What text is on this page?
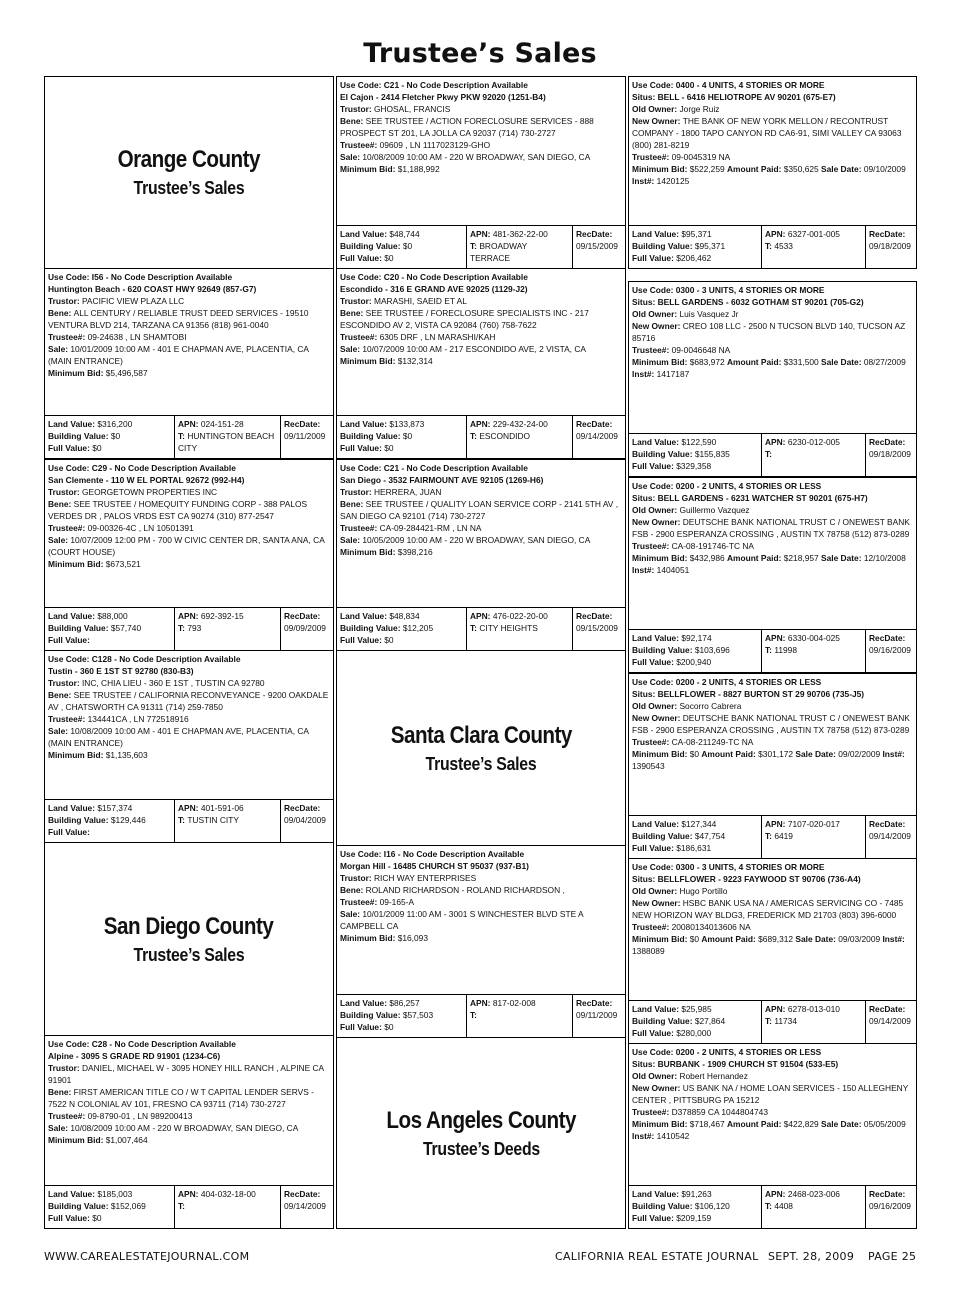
Trustee’s Sales
Orange County
Trustee’s Sales
Use Code: I56 - No Code Description Available
Huntington Beach - 620 COAST HWY 92649 (857-G7)
Trustor: PACIFIC VIEW PLAZA LLC
Bene: ALL CENTURY / RELIABLE TRUST DEED SERVICES - 19510 VENTURA BLVD 214, TARZANA CA 91356 (818) 961-0040
Trustee#: 09-24638 , LN SHAMTOBI
Sale: 10/01/2009 10:00 AM - 401 E CHAPMAN AVE, PLACENTIA, CA (MAIN ENTRANCE)
Minimum Bid: $5,496,587
Land Value: $316,200
Building Value: $0
Full Value: $0
APN: 024-151-28
T: HUNTINGTON BEACH CITY
RecDate:
09/11/2009
Use Code: C29 - No Code Description Available
San Clemente - 110 W EL PORTAL 92672 (992-H4)
Trustor: GEORGETOWN PROPERTIES INC
Bene: SEE TRUSTEE / HOMEQUITY FUNDING CORP - 388 PALOS VERDES DR , PALOS VRDS EST CA 90274 (310) 877-2547
Trustee#: 09-00326-4C , LN 10501391
Sale: 10/07/2009 12:00 PM - 700 W CIVIC CENTER DR, SANTA ANA, CA (COURT HOUSE)
Minimum Bid: $673,521
Land Value: $88,000
Building Value: $57,740
Full Value:
APN: 692-392-15
T: 793
RecDate:
09/09/2009
Use Code: C128 - No Code Description Available
Tustin - 360 E 1ST ST 92780 (830-B3)
Trustor: INC, CHIA LIEU - 360 E 1ST , TUSTIN CA 92780
Bene: SEE TRUSTEE / CALIFORNIA RECONVEYANCE - 9200 OAKDALE AV , CHATSWORTH CA 91311 (714) 259-7850
Trustee#: 134441CA , LN 772518916
Sale: 10/08/2009 10:00 AM - 401 E CHAPMAN AVE, PLACENTIA, CA (MAIN ENTRANCE)
Minimum Bid: $1,135,603
Land Value: $157,374
Building Value: $129,446
Full Value:
APN: 401-591-06
T: TUSTIN CITY
RecDate:
09/04/2009
San Diego County
Trustee’s Sales
Use Code: C28 - No Code Description Available
Alpine - 3095 S GRADE RD 91901 (1234-C6)
Trustor: DANIEL, MICHAEL W - 3095 HONEY HILL RANCH , ALPINE CA 91901
Bene: FIRST AMERICAN TITLE CO / W T CAPITAL LENDER SERVS - 7522 N COLONIAL AV 101, FRESNO CA 93711 (714) 730-2727
Trustee#: 09-8790-01 , LN 989200413
Sale: 10/08/2009 10:00 AM - 220 W BROADWAY, SAN DIEGO, CA
Minimum Bid: $1,007,464
Land Value: $185,003
Building Value: $152,069
Full Value: $0
APN: 404-032-18-00
T:
RecDate:
09/14/2009
Use Code: C21 - No Code Description Available
El Cajon - 2414 Fletcher Pkwy PKW 92020 (1251-B4)
Trustor: GHOSAL, FRANCIS
Bene: SEE TRUSTEE / ACTION FORECLOSURE SERVICES - 888 PROSPECT ST 201, LA JOLLA CA 92037 (714) 730-2727
Trustee#: 09609 , LN 1117023129-GHO
Sale: 10/08/2009 10:00 AM - 220 W BROADWAY, SAN DIEGO, CA
Minimum Bid: $1,188,992
Land Value: $48,744
Building Value: $0
Full Value: $0
APN: 481-362-22-00
T: BROADWAY TERRACE
RecDate:
09/15/2009
Use Code: C20 - No Code Description Available
Escondido - 316 E GRAND AVE 92025 (1129-J2)
Trustor: MARASHI, SAEID ET AL
Bene: SEE TRUSTEE / FORECLOSURE SPECIALISTS INC - 217 ESCONDIDO AV 2, VISTA CA 92084 (760) 758-7622
Trustee#: 6305 DRF , LN MARASHI/KAH
Sale: 10/07/2009 10:00 AM - 217 ESCONDIDO AVE, 2 VISTA, CA
Minimum Bid: $132,314
Land Value: $133,873
Building Value: $0
Full Value: $0
APN: 229-432-24-00
T: ESCONDIDO
RecDate:
09/14/2009
Use Code: C21 - No Code Description Available
San Diego - 3532 FAIRMOUNT AVE 92105 (1269-H6)
Trustor: HERRERA, JUAN
Bene: SEE TRUSTEE / QUALITY LOAN SERVICE CORP - 2141 5TH AV , SAN DIEGO CA 92101 (714) 730-2727
Trustee#: CA-09-284421-RM , LN NA
Sale: 10/05/2009 10:00 AM - 220 W BROADWAY, SAN DIEGO, CA
Minimum Bid: $398,216
Land Value: $48,834
Building Value: $12,205
Full Value: $0
APN: 476-022-20-00
T: CITY HEIGHTS
RecDate:
09/15/2009
Santa Clara County
Trustee’s Sales
Use Code: I16 - No Code Description Available
Morgan Hill - 16485 CHURCH ST 95037 (937-B1)
Trustor: RICH WAY ENTERPRISES
Bene: ROLAND RICHARDSON - ROLAND RICHARDSON ,
Trustee#: 09-165-A
Sale: 10/01/2009 11:00 AM - 3001 S WINCHESTER BLVD STE A CAMPBELL CA
Minimum Bid: $16,093
Land Value: $86,257
Building Value: $57,503
Full Value: $0
APN: 817-02-008
T:
RecDate:
09/11/2009
Los Angeles County
Trustee’s Deeds
Use Code: 0400 - 4 UNITS, 4 STORIES OR MORE
Situs: BELL - 6416 HELIOTROPE AV 90201 (675-E7)
Old Owner: Jorge Ruiz
New Owner: THE BANK OF NEW YORK MELLON / RECONTRUST COMPANY - 1800 TAPO CANYON RD CA6-91, SIMI VALLEY CA 93063 (800) 281-8219
Trustee#: 09-0045319 NA
Minimum Bid: $522,259 Amount Paid: $350,625 Sale Date: 09/10/2009 Inst#: 1420125
Land Value: $95,371
Building Value: $95,371
Full Value: $206,462
APN: 6327-001-005
T: 4533
RecDate:
09/18/2009
Use Code: 0300 - 3 UNITS, 4 STORIES OR MORE
Situs: BELL GARDENS - 6032 GOTHAM ST 90201 (705-G2)
Old Owner: Luis Vasquez Jr
New Owner: CREO 108 LLC - 2500 N TUCSON BLVD 140, TUCSON AZ 85716
Trustee#: 09-0046648 NA
Minimum Bid: $683,972 Amount Paid: $331,500 Sale Date: 08/27/2009 Inst#: 1417187
Land Value: $122,590
Building Value: $155,835
Full Value: $329,358
APN: 6230-012-005
T:
RecDate:
09/18/2009
Use Code: 0200 - 2 UNITS, 4 STORIES OR LESS
Situs: BELL GARDENS - 6231 WATCHER ST 90201 (675-H7)
Old Owner: Guillermo Vazquez
New Owner: DEUTSCHE BANK NATIONAL TRUST C / ONEWEST BANK FSB - 2900 ESPERANZA CROSSING , AUSTIN TX 78758 (512) 873-0289
Trustee#: CA-08-191746-TC NA
Minimum Bid: $432,986 Amount Paid: $218,957 Sale Date: 12/10/2008 Inst#: 1404051
Land Value: $92,174
Building Value: $103,696
Full Value: $200,940
APN: 6330-004-025
T: 11998
RecDate:
09/16/2009
Use Code: 0200 - 2 UNITS, 4 STORIES OR LESS
Situs: BELLFLOWER - 8827 BURTON ST 29 90706 (735-J5)
Old Owner: Socorro Cabrera
New Owner: DEUTSCHE BANK NATIONAL TRUST C / ONEWEST BANK FSB - 2900 ESPERANZA CROSSING , AUSTIN TX 78758 (512) 873-0289
Trustee#: CA-08-211249-TC NA
Minimum Bid: $0 Amount Paid: $301,172 Sale Date: 09/02/2009 Inst#: 1390543
Land Value: $127,344
Building Value: $47,754
Full Value: $186,631
APN: 7107-020-017
T: 6419
RecDate:
09/14/2009
Use Code: 0300 - 3 UNITS, 4 STORIES OR MORE
Situs: BELLFLOWER - 9223 FAYWOOD ST 90706 (736-A4)
Old Owner: Hugo Portillo
New Owner: HSBC BANK USA NA / AMERICAS SERVICING CO - 7485 NEW HORIZON WAY BLDG3, FREDERICK MD 21703 (803) 396-6000
Trustee#: 20080134013606 NA
Minimum Bid: $0 Amount Paid: $689,312 Sale Date: 09/03/2009 Inst#: 1388089
Land Value: $25,985
Building Value: $27,864
Full Value: $280,000
APN: 6278-013-010
T: 11734
RecDate:
09/14/2009
Use Code: 0200 - 2 UNITS, 4 STORIES OR LESS
Situs: BURBANK - 1909 CHURCH ST 91504 (533-E5)
Old Owner: Robert Hernandez
New Owner: US BANK NA / HOME LOAN SERVICES - 150 ALLEGHENY CENTER , PITTSBURG PA 15212
Trustee#: D378859 CA 1044804743
Minimum Bid: $718,467 Amount Paid: $422,829 Sale Date: 05/05/2009 Inst#: 1410542
Land Value: $91,263
Building Value: $106,120
Full Value: $209,159
APN: 2468-023-006
T: 4408
RecDate:
09/16/2009
WWW.CAREALESTATEJOURNAL.COM	CALIFORNIA REAL ESTATE JOURNAL SEPT. 28, 2009 PAGE 25
